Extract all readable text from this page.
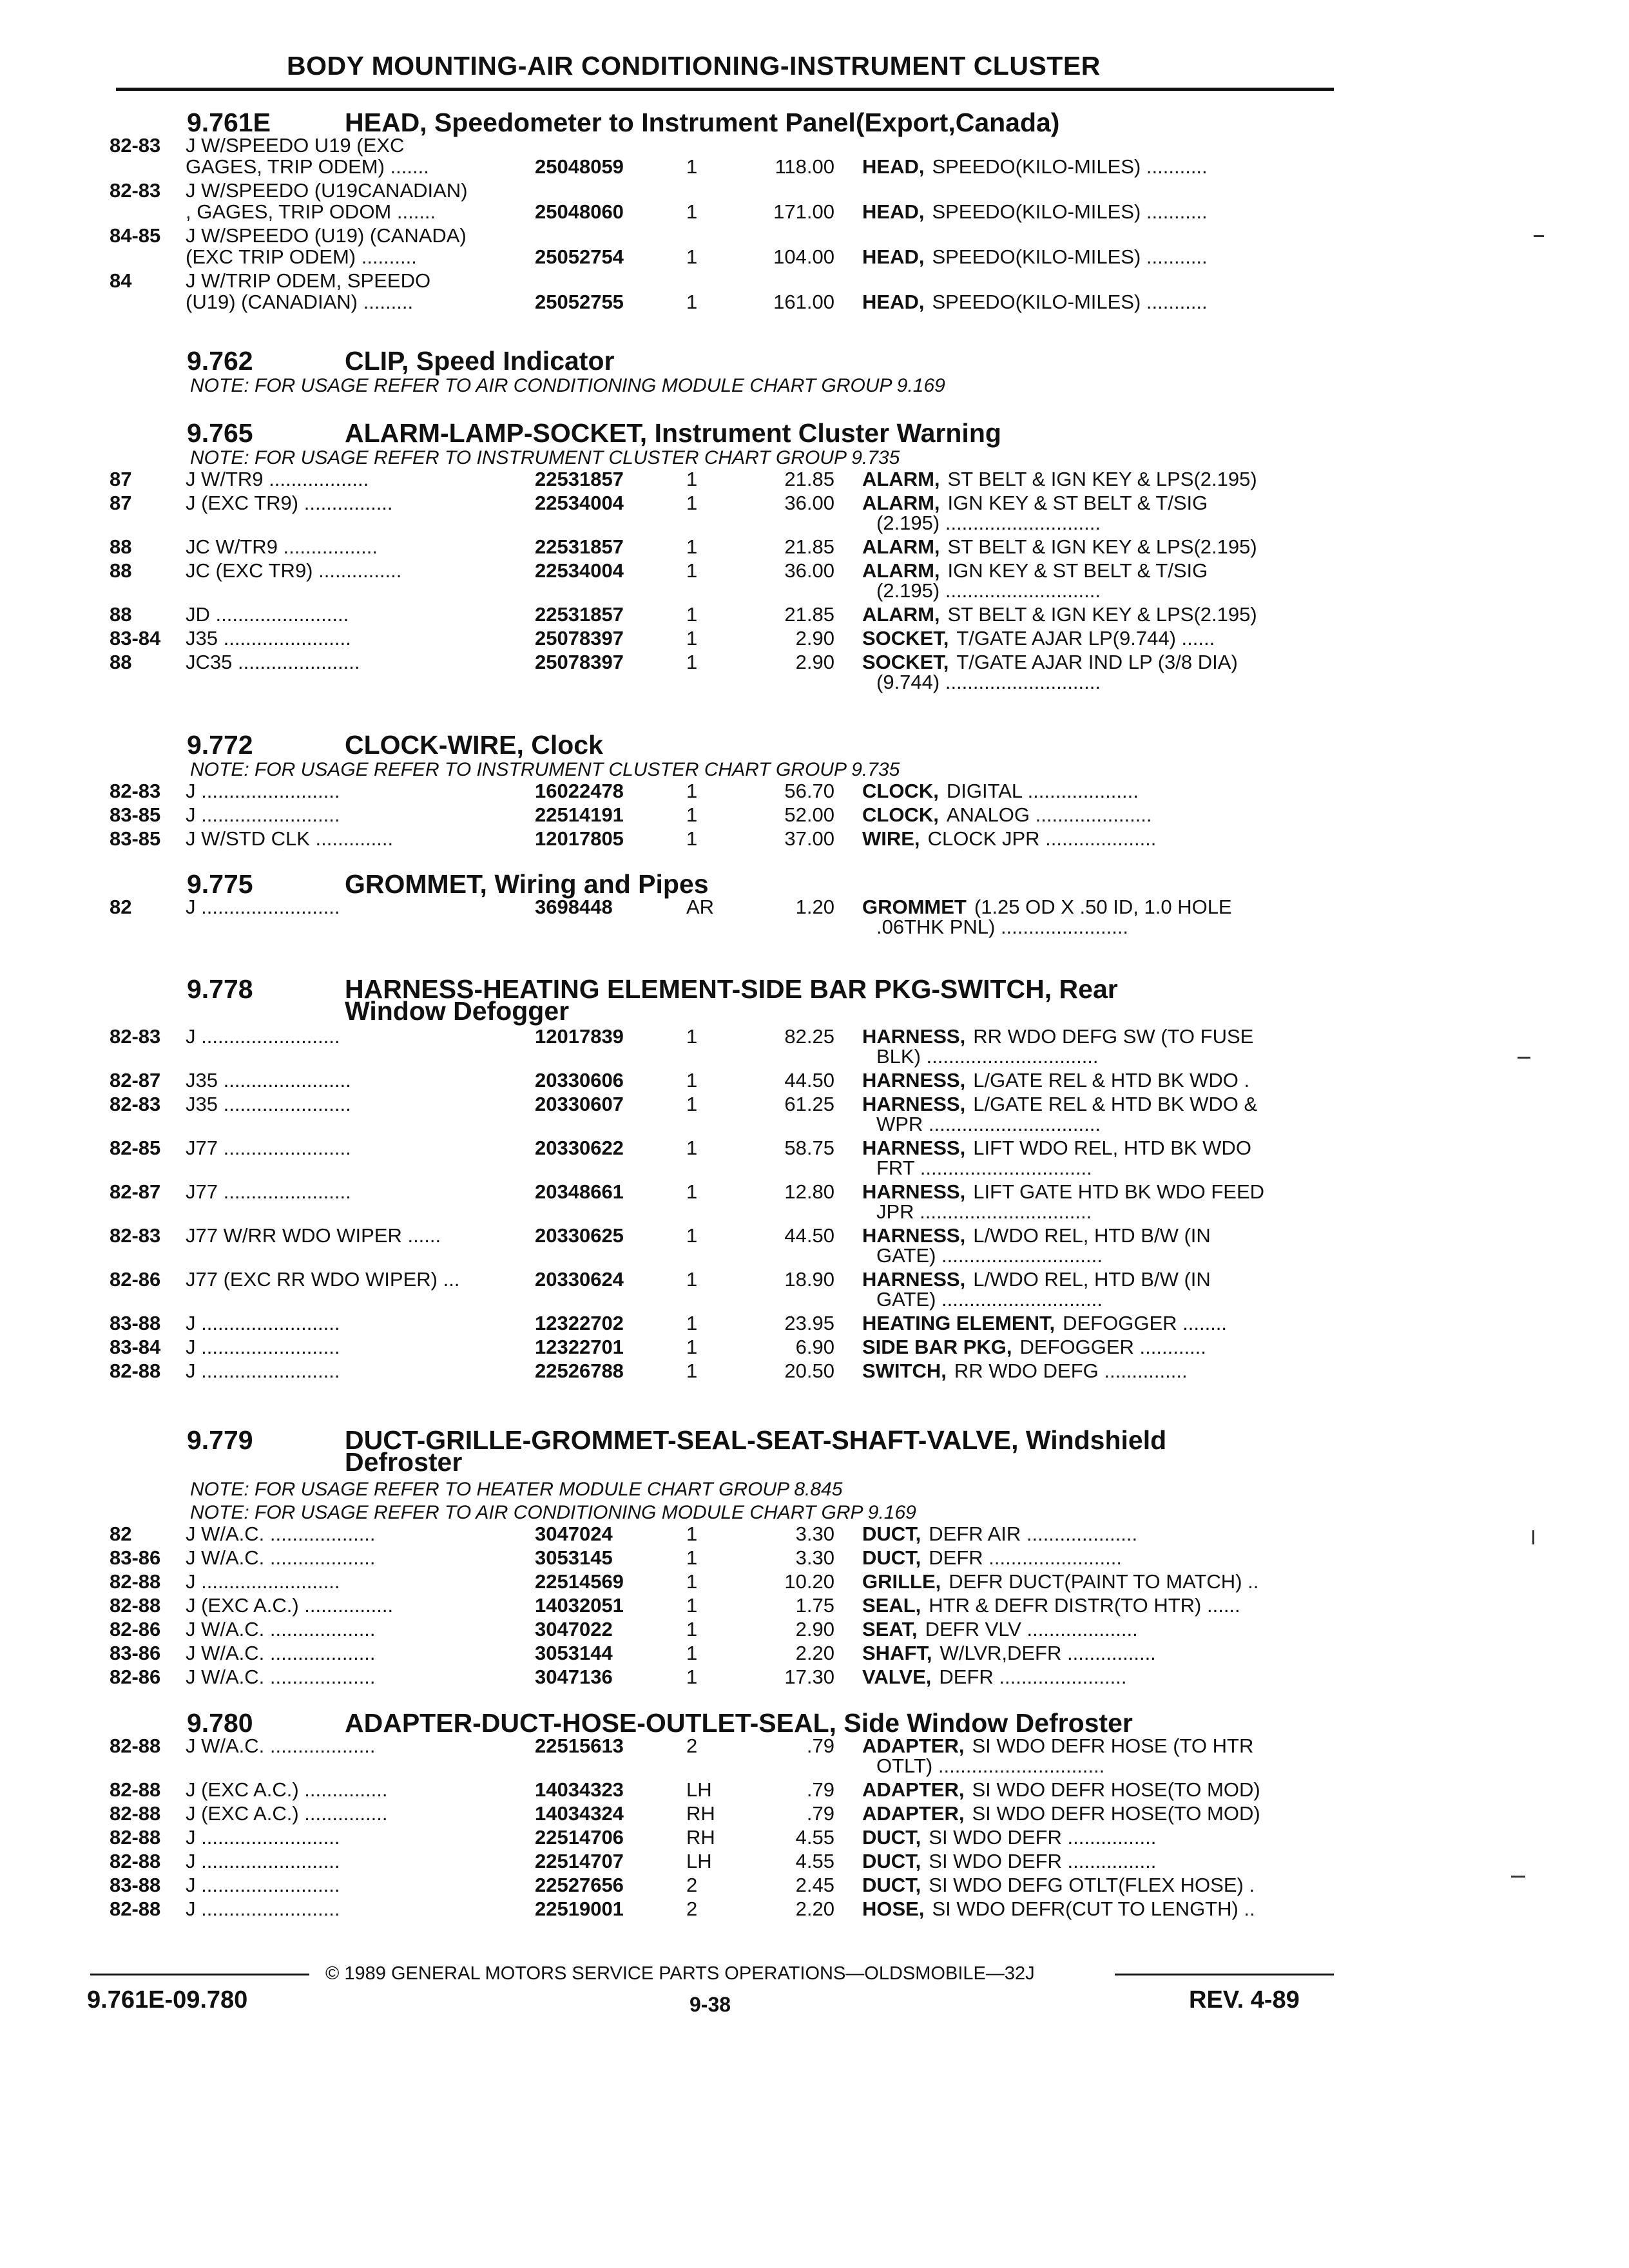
BODY MOUNTING-AIR CONDITIONING-INSTRUMENT CLUSTER
9.761E	HEAD, Speedometer to Instrument Panel(Export,Canada)
82-83 J W/SPEEDO U19 (EXC
GAGES, TRIP ODEM) .......	25048059	1	118.00 HEAD, SPEEDO(KILO-MILES) ...........
82-83 J W/SPEEDO (U19CANADIAN)
, GAGES, TRIP ODOM .......	25048060	1	171.00 HEAD, SPEEDO(KILO-MILES) ...........
84-85 J W/SPEEDO (U19) (CANADA)
(EXC TRIP ODEM) ..........	25052754	1	104.00 HEAD, SPEEDO(KILO-MILES) ...........
84	J W/TRIP ODEM, SPEEDO
(U19) (CANADIAN) .........	25052755	1	161.00 HEAD, SPEEDO(KILO-MILES) ...........
9.762	CLIP, Speed Indicator
NOTE: FOR USAGE REFER TO AIR CONDITIONING MODULE CHART GROUP 9.169
9.765	ALARM-LAMP-SOCKET, Instrument Cluster Warning
NOTE: FOR USAGE REFER TO INSTRUMENT CLUSTER CHART GROUP 9.735
87	J W/TR9 ..................	22531857	1	21.85 ALARM, ST BELT & IGN KEY & LPS(2.195)
87	J (EXC TR9) ................	22534004	1	36.00 ALARM, IGN KEY & ST BELT & T/SIG
(2.195) ............................
88	JC W/TR9 .................	22531857	1	21.85 ALARM, ST BELT & IGN KEY & LPS(2.195)
88	JC (EXC TR9) ...............	22534004	1	36.00 ALARM, IGN KEY & ST BELT & T/SIG
(2.195) ............................
88	JD ........................	22531857	1	21.85 ALARM, ST BELT & IGN KEY & LPS(2.195)
83-84 J35 .......................	25078397	1	2.90 SOCKET, T/GATE AJAR LP(9.744) ......
88	JC35 ......................	25078397	1	2.90 SOCKET, T/GATE AJAR IND LP (3/8 DIA)
(9.744) ............................
9.772	CLOCK-WIRE, Clock
NOTE: FOR USAGE REFER TO INSTRUMENT CLUSTER CHART GROUP 9.735
82-83 J .........................	16022478	1	56.70 CLOCK, DIGITAL ....................
83-85 J .........................	22514191	1	52.00 CLOCK, ANALOG .....................
83-85 J W/STD CLK ..............	12017805	1	37.00 WIRE, CLOCK JPR ....................
9.775	GROMMET, Wiring and Pipes
82	J .........................	3698448	AR	1.20 GROMMET (1.25 OD X .50 ID, 1.0 HOLE
.06THK PNL) .......................
9.778	HARNESS-HEATING ELEMENT-SIDE BAR PKG-SWITCH, Rear
Window Defogger
82-83 J .........................	12017839	1	82.25 HARNESS, RR WDO DEFG SW (TO FUSE
BLK) ...............................
82-87 J35 .......................	20330606	1	44.50 HARNESS, L/GATE REL & HTD BK WDO .
82-83 J35 .......................	20330607	1	61.25 HARNESS, L/GATE REL & HTD BK WDO &
WPR ...............................
82-85 J77 .......................	20330622	1	58.75 HARNESS, LIFT WDO REL, HTD BK WDO
FRT ...............................
82-87 J77 .......................	20348661	1	12.80 HARNESS, LIFT GATE HTD BK WDO FEED
JPR ...............................
82-83 J77 W/RR WDO WIPER ......	20330625	1	44.50 HARNESS, L/WDO REL, HTD B/W (IN
GATE) .............................
82-86 J77 (EXC RR WDO WIPER) ...	20330624	1	18.90 HARNESS, L/WDO REL, HTD B/W (IN
GATE) .............................
83-88 J .........................	12322702	1	23.95 HEATING ELEMENT, DEFOGGER ........
83-84 J .........................	12322701	1	6.90 SIDE BAR PKG, DEFOGGER ............
82-88 J .........................	22526788	1	20.50 SWITCH, RR WDO DEFG ...............
9.779	DUCT-GRILLE-GROMMET-SEAL-SEAT-SHAFT-VALVE, Windshield
Defroster
NOTE: FOR USAGE REFER TO HEATER MODULE CHART GROUP 8.845
NOTE: FOR USAGE REFER TO AIR CONDITIONING MODULE CHART GRP 9.169
82	J W/A.C. ...................	3047024	1	3.30 DUCT, DEFR AIR ....................
83-86 J W/A.C. ...................	3053145	1	3.30 DUCT, DEFR ........................
82-88 J .........................	22514569	1	10.20 GRILLE, DEFR DUCT(PAINT TO MATCH) ..
82-88 J (EXC A.C.) ................	14032051	1	1.75 SEAL, HTR & DEFR DISTR(TO HTR) ......
82-86 J W/A.C. ...................	3047022	1	2.90 SEAT, DEFR VLV ....................
83-86 J W/A.C. ...................	3053144	1	2.20 SHAFT, W/LVR,DEFR ................
82-86 J W/A.C. ...................	3047136	1	17.30 VALVE, DEFR .......................
9.780	ADAPTER-DUCT-HOSE-OUTLET-SEAL, Side Window Defroster
82-88 J W/A.C. ...................	22515613	2	.79 ADAPTER, SI WDO DEFR HOSE (TO HTR
OTLT) ..............................
82-88 J (EXC A.C.) ...............	14034323	LH	.79 ADAPTER, SI WDO DEFR HOSE(TO MOD)
82-88 J (EXC A.C.) ...............	14034324	RH	.79 ADAPTER, SI WDO DEFR HOSE(TO MOD)
82-88 J .........................	22514706	RH	4.55 DUCT, SI WDO DEFR ................
82-88 J .........................	22514707	LH	4.55 DUCT, SI WDO DEFR ................
83-88 J .........................	22527656	2	2.45 DUCT, SI WDO DEFG OTLT(FLEX HOSE) .
82-88 J .........................	22519001	2	2.20 HOSE, SI WDO DEFR(CUT TO LENGTH) ..
© 1989 GENERAL MOTORS SERVICE PARTS OPERATIONS—OLDSMOBILE—32J
9.761E-09.780	9-38	REV. 4-89
